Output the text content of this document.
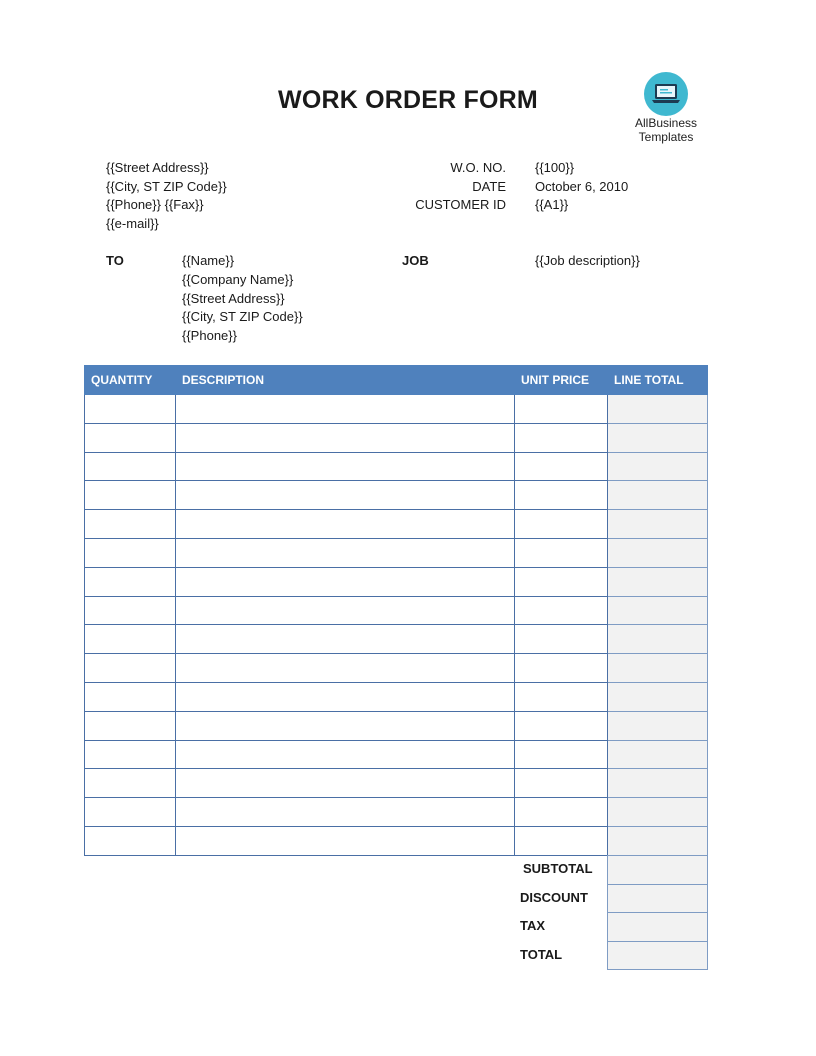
WORK ORDER FORM
AllBusiness
Templates
{{Street Address}}
{{City, ST ZIP Code}}
{{Phone}} {{Fax}}
{{e-mail}}
W.O. NO. {{100}}
DATE October 6, 2010
CUSTOMER ID {{A1}}
TO	{{Name}}
{{Company Name}}
{{Street Address}}
{{City, ST ZIP Code}}
{{Phone}}
JOB	{{Job description}}
QUANTITY	DESCRIPTION	UNIT PRICE	LINE TOTAL

SUBTOTAL
DISCOUNT
TAX
TOTAL
